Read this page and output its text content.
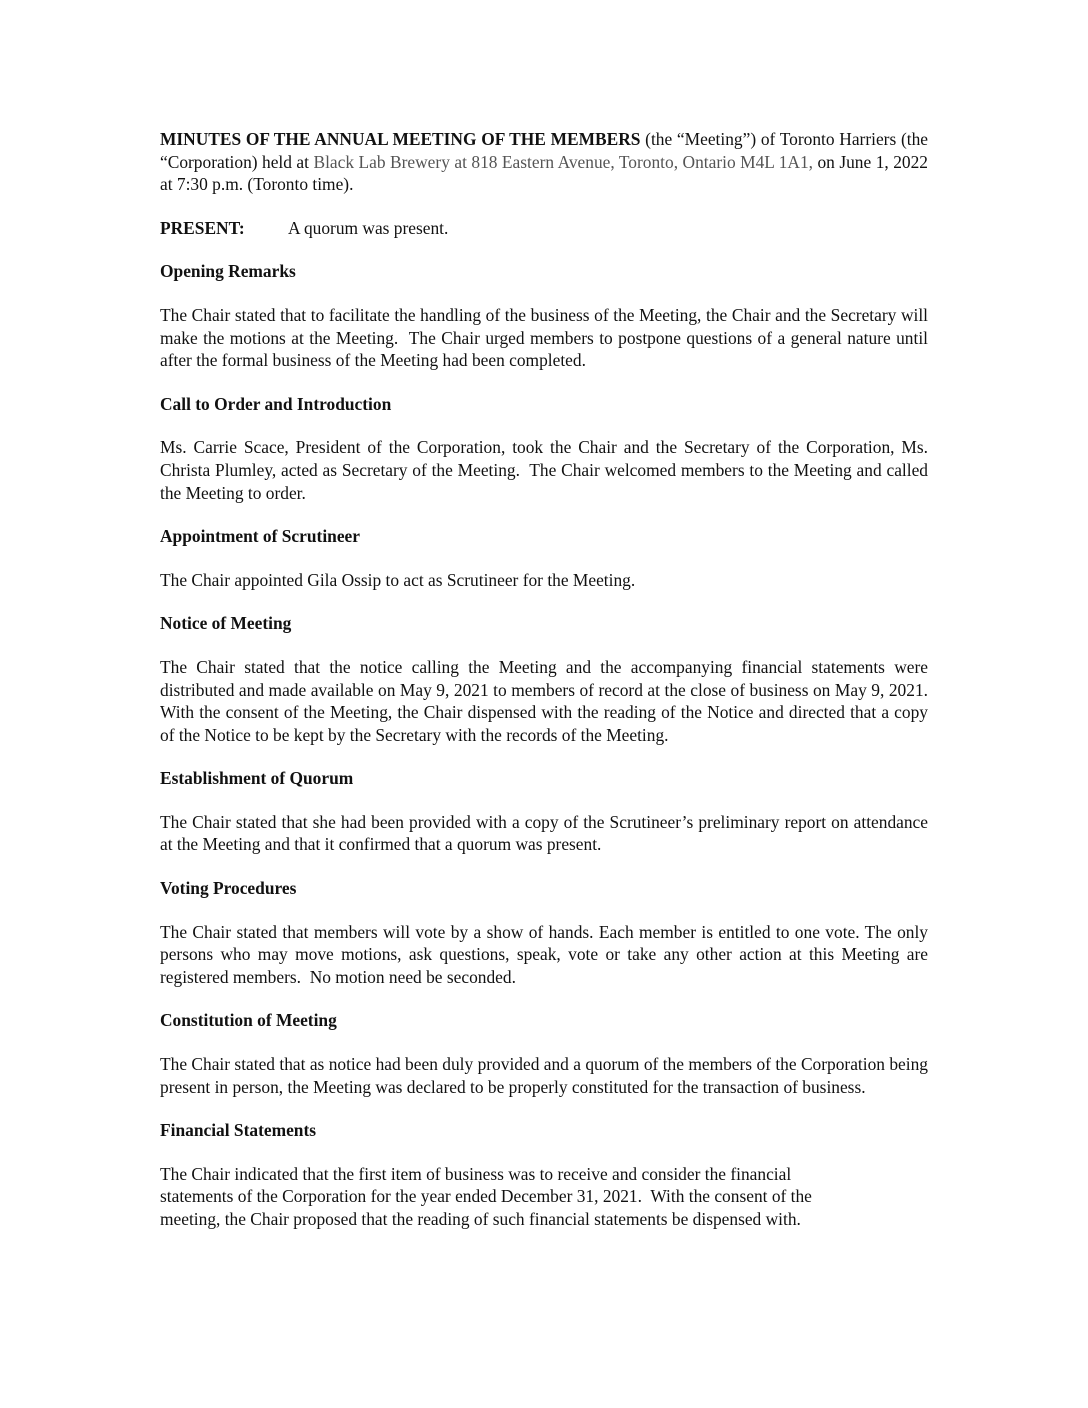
MINUTES OF THE ANNUAL MEETING OF THE MEMBERS (the “Meeting”) of Toronto Harriers (the “Corporation) held at Black Lab Brewery at 818 Eastern Avenue, Toronto, Ontario M4L 1A1, on June 1, 2022 at 7:30 p.m. (Toronto time).

PRESENT: A quorum was present.

Opening Remarks

The Chair stated that to facilitate the handling of the business of the Meeting, the Chair and the Secretary will make the motions at the Meeting.  The Chair urged members to postpone questions of a general nature until after the formal business of the Meeting had been completed.

Call to Order and Introduction

Ms. Carrie Scace, President of the Corporation, took the Chair and the Secretary of the Corporation, Ms. Christa Plumley, acted as Secretary of the Meeting.  The Chair welcomed members to the Meeting and called the Meeting to order.

Appointment of Scrutineer

The Chair appointed Gila Ossip to act as Scrutineer for the Meeting.

Notice of Meeting

The Chair stated that the notice calling the Meeting and the accompanying financial statements were distributed and made available on May 9, 2021 to members of record at the close of business on May 9, 2021. With the consent of the Meeting, the Chair dispensed with the reading of the Notice and directed that a copy of the Notice to be kept by the Secretary with the records of the Meeting.

Establishment of Quorum

The Chair stated that she had been provided with a copy of the Scrutineer’s preliminary report on attendance at the Meeting and that it confirmed that a quorum was present.

Voting Procedures

The Chair stated that members will vote by a show of hands. Each member is entitled to one vote. The only persons who may move motions, ask questions, speak, vote or take any other action at this Meeting are registered members.  No motion need be seconded.

Constitution of Meeting

The Chair stated that as notice had been duly provided and a quorum of the members of the Corporation being present in person, the Meeting was declared to be properly constituted for the transaction of business.

Financial Statements

The Chair indicated that the first item of business was to receive and consider the financial
statements of the Corporation for the year ended December 31, 2021.  With the consent of the
meeting, the Chair proposed that the reading of such financial statements be dispensed with.
